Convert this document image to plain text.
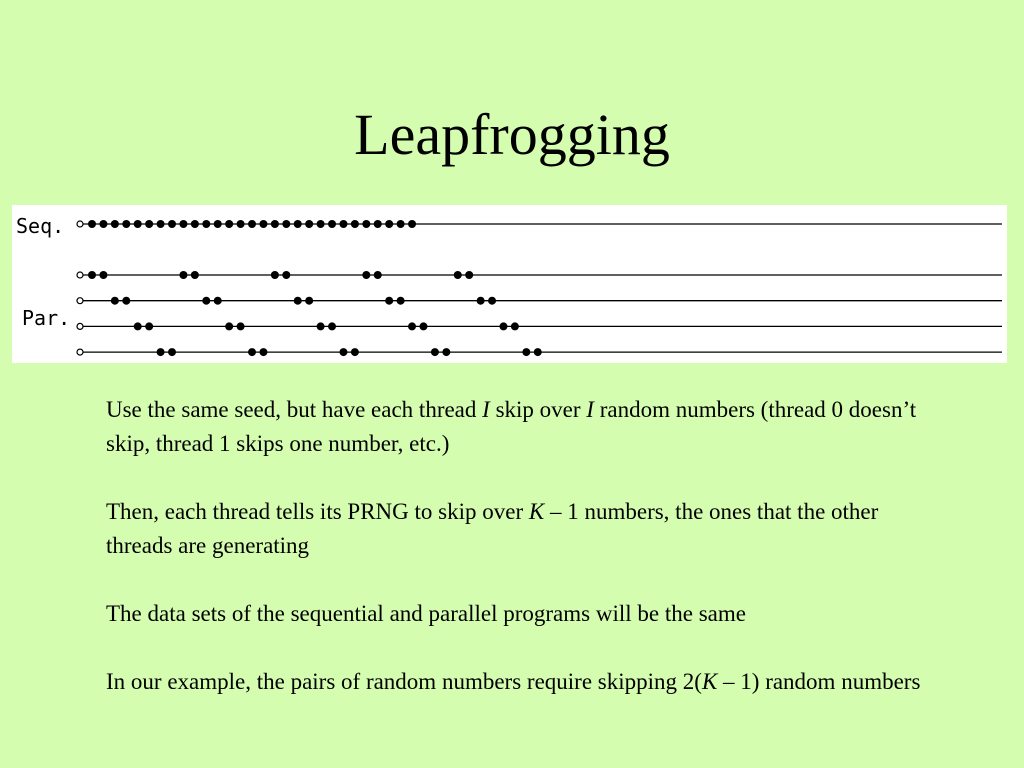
Leapfrogging
Seq.
Par.

Use the same seed, but have each thread I skip over I random numbers (thread 0 doesn’t skip, thread 1 skips one number, etc.)

Then, each thread tells its PRNG to skip over K – 1 numbers, the ones that the other threads are generating

The data sets of the sequential and parallel programs will be the same

In our example, the pairs of random numbers require skipping 2(K – 1) random numbers
